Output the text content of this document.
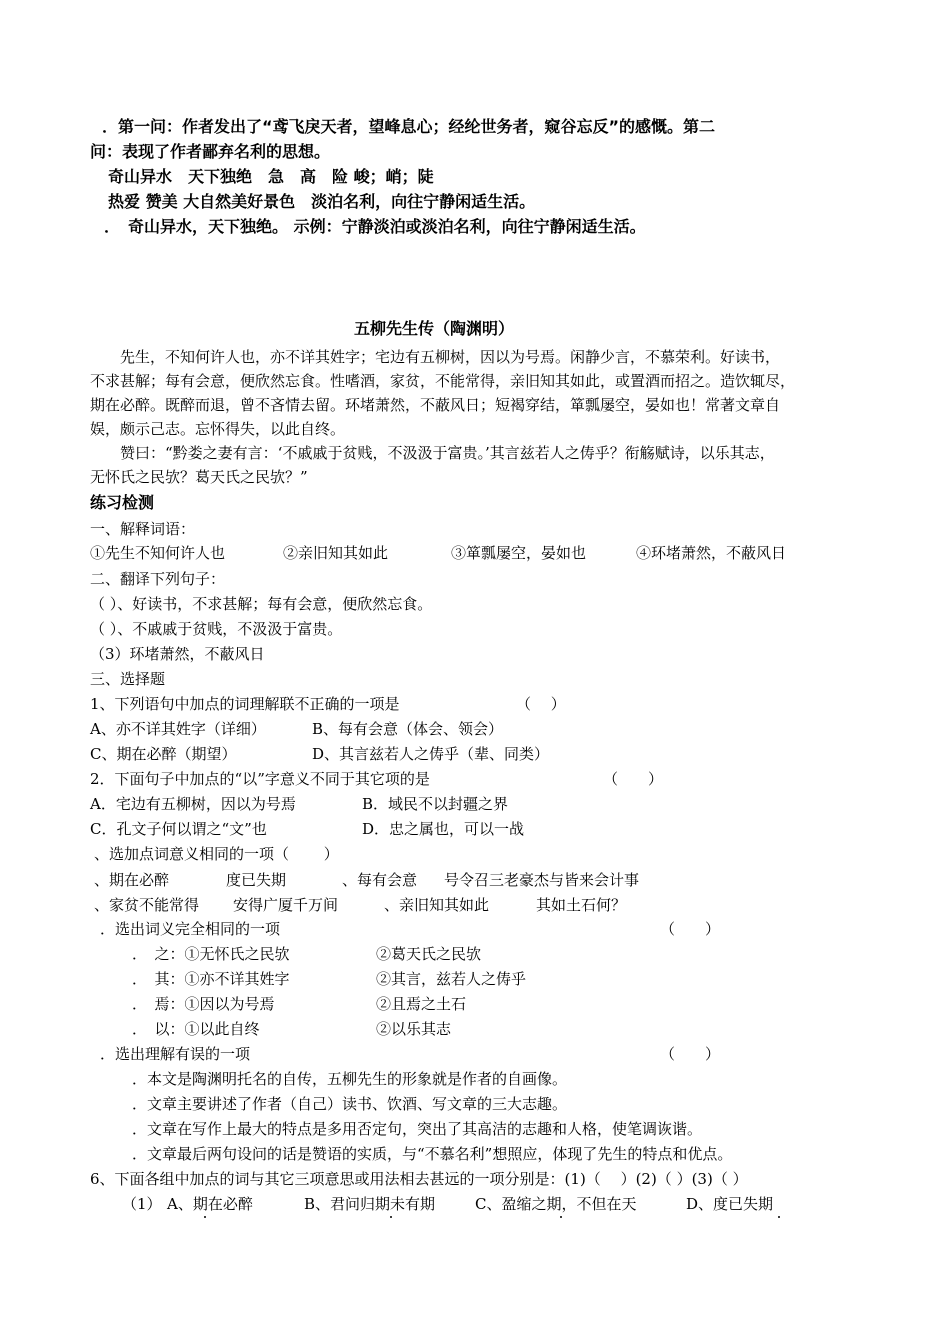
．第一问：作者发出了“鸢飞戾天者，望峰息心；经纶世务者，窥谷忘反”的感慨。第二
问：表现了作者鄙弃名利的思想。
奇山异水　天下独绝　急　高　险 峻；峭；陡
热爱 赞美 大自然美好景色　淡泊名利，向往宁静闲适生活。
．　奇山异水，天下独绝。 示例：宁静淡泊或淡泊名利，向往宁静闲适生活。
五柳先生传（陶渊明）
先生，不知何许人也，亦不详其姓字；宅边有五柳树，因以为号焉。闲静少言，不慕荣利。好读书，
不求甚解；每有会意，便欣然忘食。性嗜酒，家贫，不能常得，亲旧知其如此，或置酒而招之。造饮辄尽，
期在必醉。既醉而退，曾不吝情去留。环堵萧然，不蔽风日；短褐穿结，箪瓢屡空，晏如也！常著文章自
娱，颇示己志。忘怀得失，以此自终。
赞曰：“黔娄之妻有言：‘不戚戚于贫贱，不汲汲于富贵。’其言兹若人之俦乎？衔觞赋诗，以乐其志，
无怀氏之民欤？葛天氏之民欤？”
练习检测
一、解释词语：
①先生不知何许人也	②亲旧知其如此	③箪瓢屡空，晏如也	④环堵萧然，不蔽风日
二、翻译下列句子：
（ ）、好读书，不求甚解；每有会意，便欣然忘食。
（ ）、不戚戚于贫贱，不汲汲于富贵。
（3）环堵萧然，不蔽风日
三、选择题
1、下列语句中加点的词理解联不正确的一项是	（　 ）
A、亦不详其姓字（详细）	B、每有会意（体会、领会）
C、期在必醉（期望）	D、其言兹若人之俦乎（辈、同类）
2．下面句子中加点的“以”字意义不同于其它项的是	（　　）
A．宅边有五柳树，因以为号焉	B．域民不以封疆之界
C．孔文子何以谓之“文”也	D．忠之属也，可以一战
、选加点词意义相同的一项（　　 ）
、期在必醉	度已失期	、每有会意 号令召三老豪杰与皆来会计事
、家贫不能常得 安得广厦千万间	、亲旧知其如此	其如土石何？
．选出词义完全相同的一项	（　　）
．　之：①无怀氏之民欤	②葛天氏之民欤
．　其：①亦不详其姓字	②其言，兹若人之俦乎
．　焉：①因以为号焉	②且焉之土石
．　以：①以此自终	②以乐其志
．选出理解有误的一项	（　　）
．本文是陶渊明托名的自传，五柳先生的形象就是作者的自画像。
．文章主要讲述了作者（自己）读书、饮酒、写文章的三大志趣。
．文章在写作上最大的特点是多用否定句，突出了其高洁的志趣和人格，使笔调诙谐。
．文章最后两句设问的话是赞语的实质，与“不慕名利”想照应，体现了先生的特点和优点。
6、下面各组中加点的词与其它三项意思或用法相去甚远的一项分别是：(1)（　 ）(2)（ ）(3)（ ）
（1） A、期在必醉	B、君问归期未有期	C、盈缩之期，不但在天	D、度已失期
